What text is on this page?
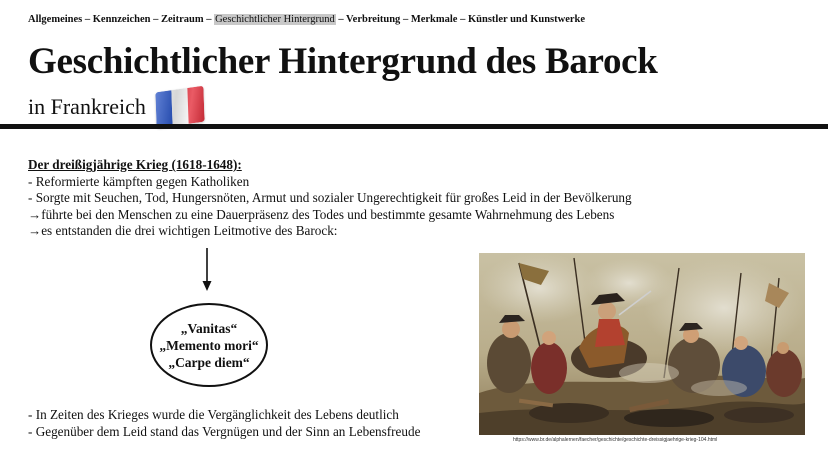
Allgemeines – Kennzeichen – Zeitraum – Geschichtlicher Hintergrund – Verbreitung – Merkmale – Künstler und Kunstwerke
Geschichtlicher Hintergrund des Barock
in Frankreich
Der dreißigjährige Krieg (1618-1648):
- Reformierte kämpften gegen Katholiken
- Sorgte mit Seuchen, Tod, Hungersnöten, Armut und sozialer Ungerechtigkeit für großes Leid in der Bevölkerung
→führte bei den Menschen zu eine Dauerpräsenz des Todes und bestimmte gesamte Wahrnehmung des Lebens
→es entstanden die drei wichtigen Leitmotive des Barock:
„Vanitas“
„Memento mori“
„Carpe diem“
- In Zeiten des Krieges wurde die Vergänglichkeit des Lebens deutlich
- Gegenüber dem Leid stand das Vergnügen und der Sinn an Lebensfreude
https://www.br.de/alphalernen/faecher/geschichte/geschichte-dreissigjaehrige-krieg-104.html
